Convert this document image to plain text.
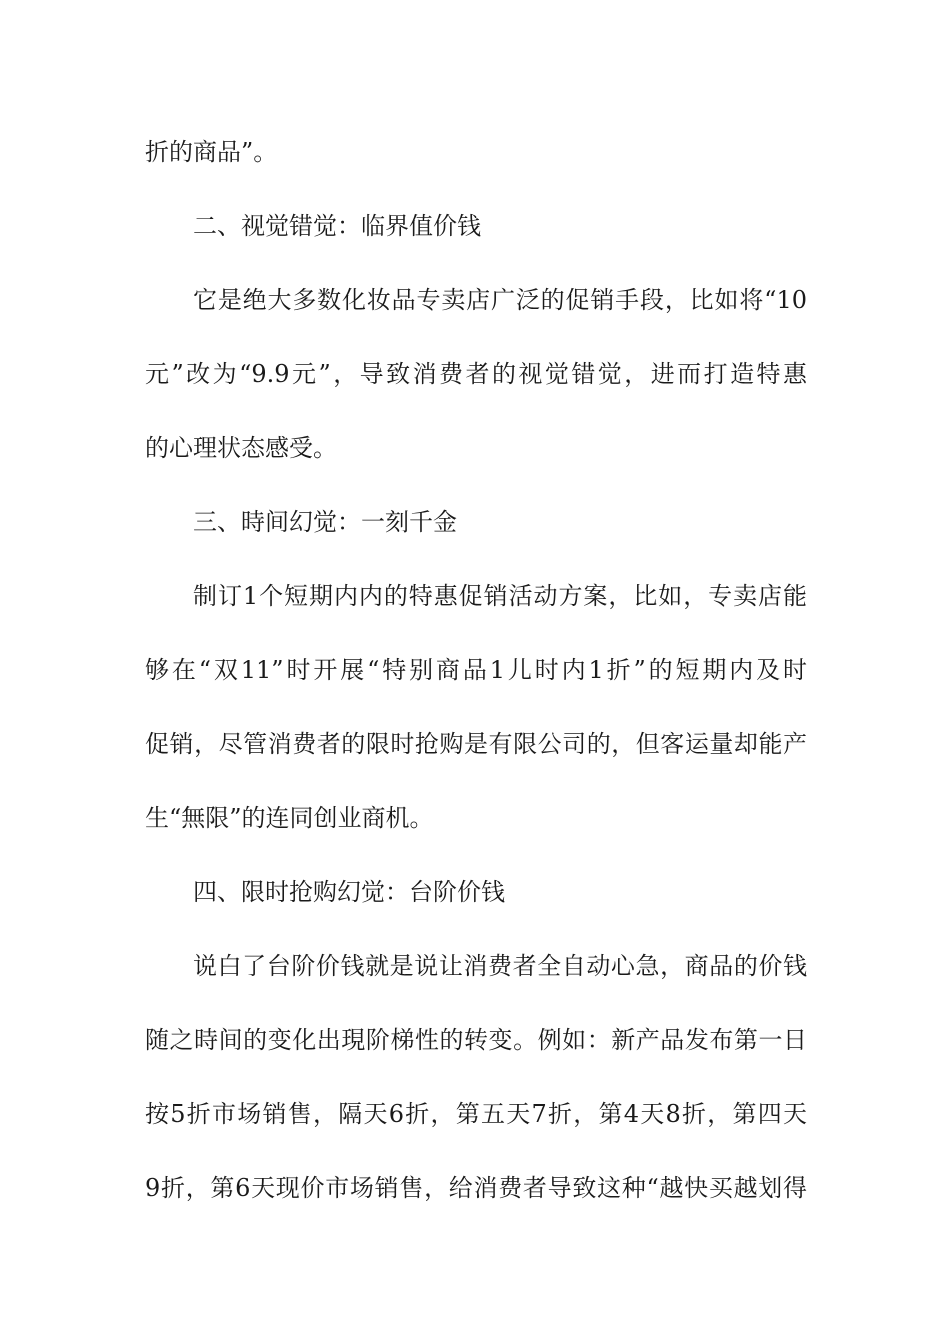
折的商品”。
二、视觉错觉：临界值价钱
它是绝大多数化妆品专卖店广泛的促销手段，比如将“10
元”改为“9.9元”，导致消费者的视觉错觉，进而打造特惠
的心理状态感受。
三、時间幻觉：一刻千金
制订1个短期内内的特惠促销活动方案，比如，专卖店能
够在“双11”时开展“特别商品1儿时内1折”的短期内及时
促销，尽管消费者的限时抢购是有限公司的，但客运量却能产
生“無限”的连同创业商机。
四、限时抢购幻觉：台阶价钱
说白了台阶价钱就是说让消费者全自动心急，商品的价钱
随之時间的变化出現阶梯性的转变。例如：新产品发布第一日
按5折市场销售，隔天6折，第五天7折，第4天8折，第四天
9折，第6天现价市场销售，给消费者导致这种“越快买越划得
